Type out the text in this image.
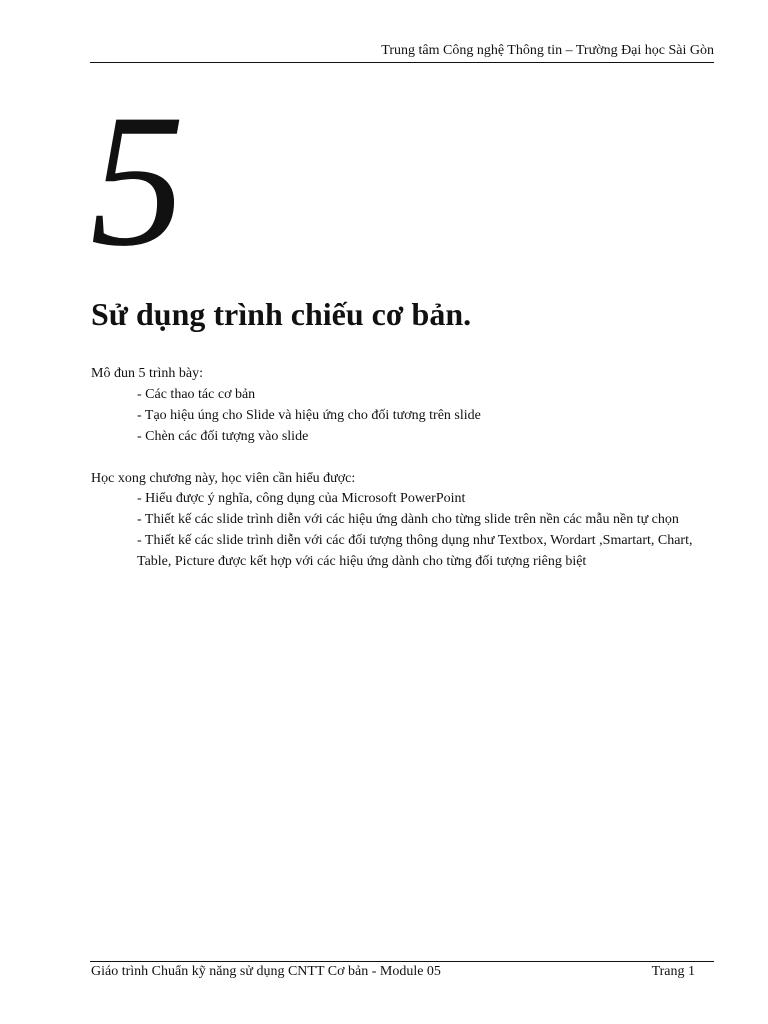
Trung tâm Công nghệ Thông tin – Trường Đại học Sài Gòn
5
Sử dụng trình chiếu cơ bản.

Mô đun 5 trình bày:

- Các thao tác cơ bản
- Tạo hiệu úng cho Slide và hiệu ứng cho đối tương trên slide
- Chèn các đối tượng vào slide

Học xong chương này, học viên cần hiểu được:

- Hiểu được ý nghĩa, công dụng của Microsoft PowerPoint
- Thiết kế các slide trình diễn với các hiệu ứng dành cho từng slide trên nền các mẫu nền tự chọn
- Thiết kế các slide trình diễn với các đối tượng thông dụng như Textbox, Wordart ,Smartart, Chart, Table, Picture được kết hợp với các hiệu ứng dành cho từng đối tượng riêng biệt
Giáo trình Chuẩn kỹ năng sử dụng CNTT Cơ bản - Module 05	Trang 1
